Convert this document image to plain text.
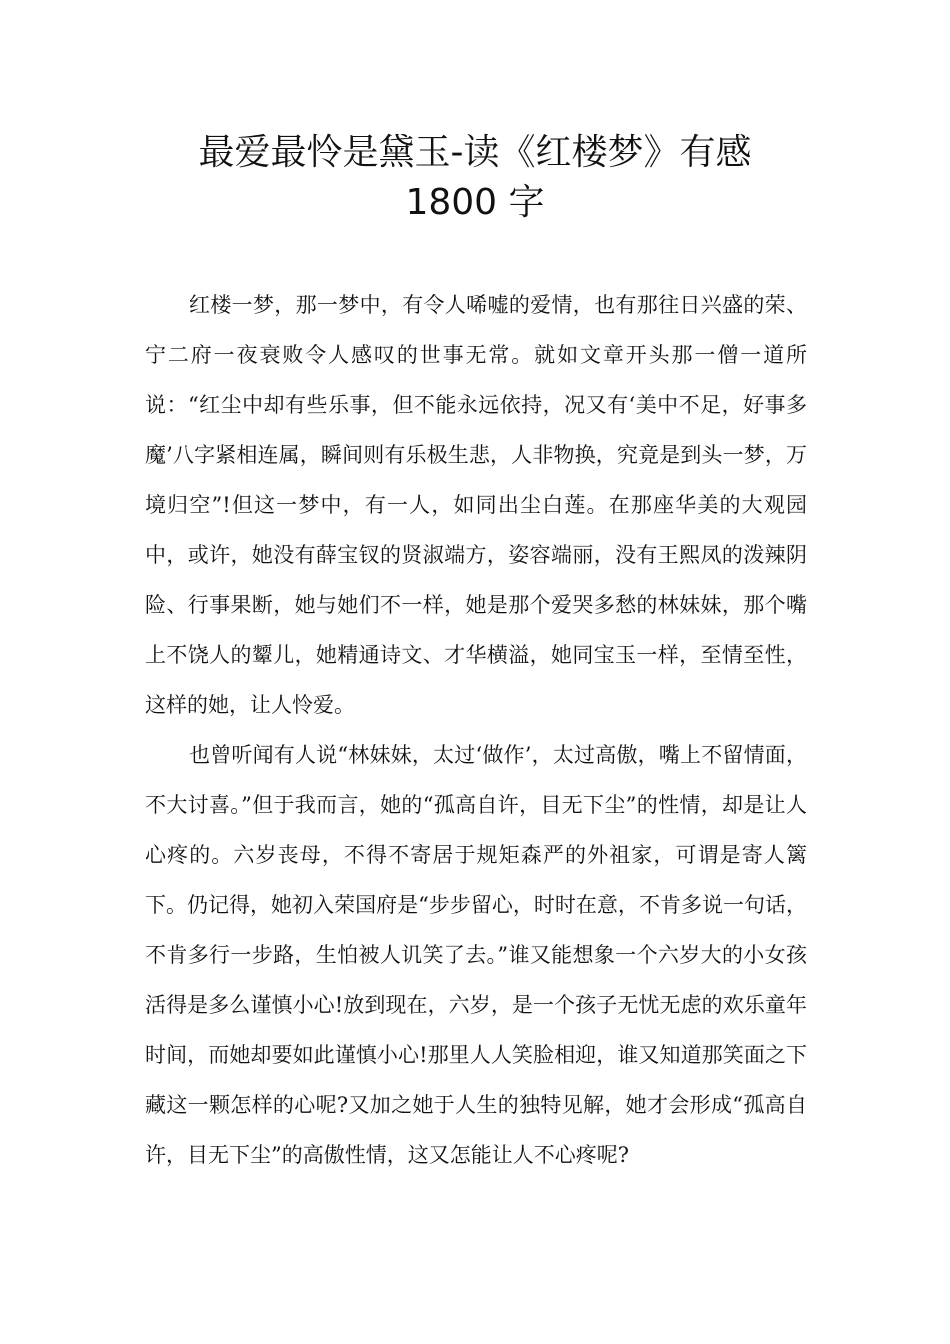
最爱最怜是黛玉-读《红楼梦》有感
1800 字

红楼一梦，那一梦中，有令人唏嘘的爱情，也有那往日兴盛的荣、宁二府一夜衰败令人感叹的世事无常。就如文章开头那一僧一道所说：“红尘中却有些乐事，但不能永远依持，况又有‘美中不足，好事多魔’八字紧相连属，瞬间则有乐极生悲，人非物换，究竟是到头一梦，万境归空”!但这一梦中，有一人，如同出尘白莲。在那座华美的大观园中，或许，她没有薛宝钗的贤淑端方，姿容端丽，没有王熙凤的泼辣阴险、行事果断，她与她们不一样，她是那个爱哭多愁的林妹妹，那个嘴上不饶人的颦儿，她精通诗文、才华横溢，她同宝玉一样，至情至性，这样的她，让人怜爱。

也曾听闻有人说“林妹妹，太过‘做作’，太过高傲，嘴上不留情面，不大讨喜。”但于我而言，她的“孤高自许，目无下尘”的性情，却是让人心疼的。六岁丧母，不得不寄居于规矩森严的外祖家，可谓是寄人篱下。仍记得，她初入荣国府是“步步留心，时时在意，不肯多说一句话，不肯多行一步路，生怕被人讥笑了去。”谁又能想象一个六岁大的小女孩活得是多么谨慎小心!放到现在，六岁，是一个孩子无忧无虑的欢乐童年时间，而她却要如此谨慎小心!那里人人笑脸相迎，谁又知道那笑面之下藏这一颗怎样的心呢?又加之她于人生的独特见解，她才会形成“孤高自许，目无下尘”的高傲性情，这又怎能让人不心疼呢?
